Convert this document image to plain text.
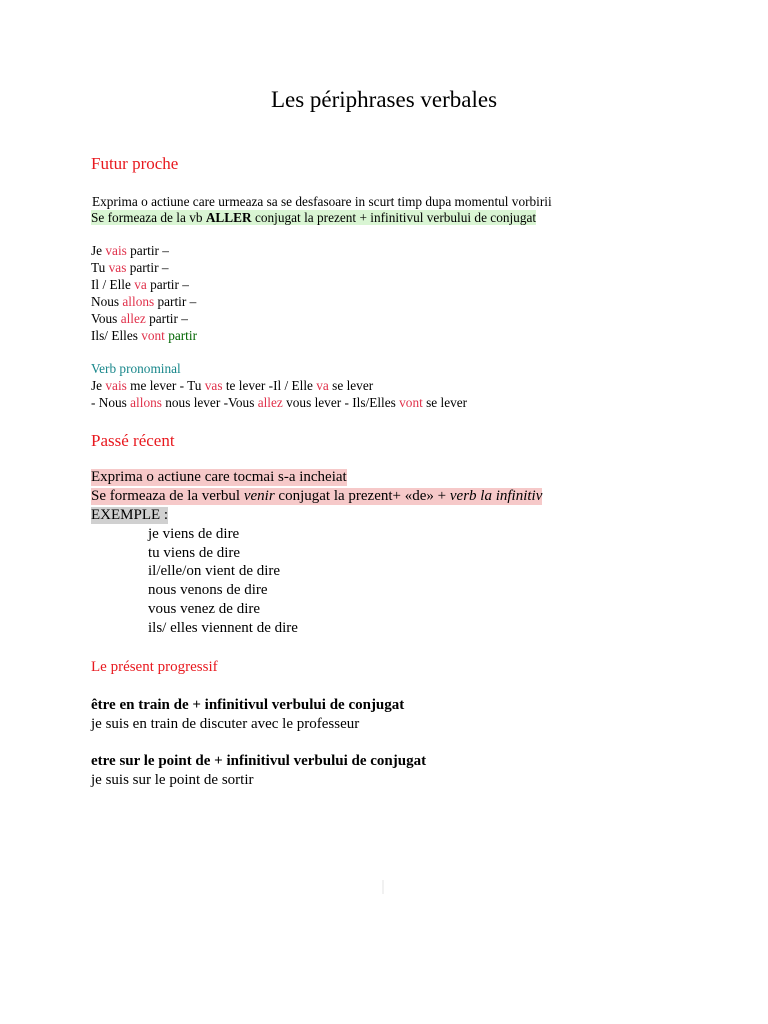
Les périphrases verbales
Futur proche
Exprima o actiune care urmeaza sa se desfasoare in scurt timp dupa momentul vorbirii
Se formeaza de la vb ALLER conjugat la prezent + infinitivul verbului de conjugat
Je vais partir –
Tu vas partir –
Il / Elle va partir –
Nous allons partir –
Vous allez partir –
Ils/ Elles vont partir
Verb pronominal
Je vais me lever - Tu vas te lever -Il / Elle va se lever
- Nous allons nous lever -Vous allez vous lever - Ils/Elles vont se lever
Passé récent
Exprima o actiune care tocmai s-a incheiat
Se formeaza de la verbul venir conjugat la prezent+ «de» + verb la infinitiv
EXEMPLE :
je viens de dire
tu viens de dire
il/elle/on vient de dire
nous venons de dire
vous venez de dire
ils/ elles viennent de dire
Le présent progressif
être en train de + infinitivul verbului de conjugat
je suis en train de discuter avec le professeur
etre sur le point de + infinitivul verbului de conjugat
je suis sur le point de sortir
